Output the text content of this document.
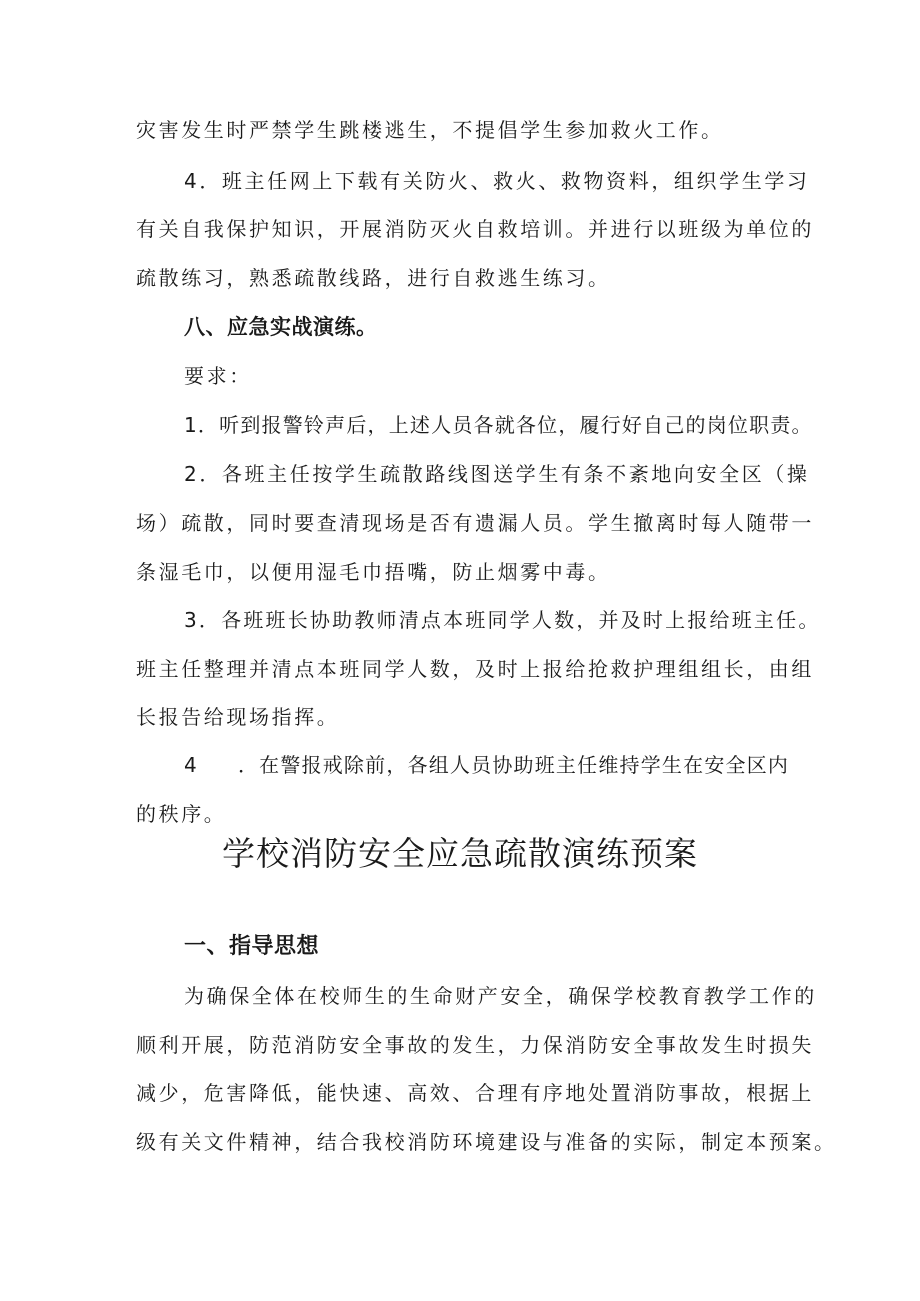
灾害发生时严禁学生跳楼逃生，不提倡学生参加救火工作。
4．班主任网上下载有关防火、救火、救物资料，组织学生学习
有关自我保护知识，开展消防灭火自救培训。并进行以班级为单位的
疏散练习，熟悉疏散线路，进行自救逃生练习。
八、应急实战演练。
要求：
1．听到报警铃声后，上述人员各就各位，履行好自己的岗位职责。
2．各班主任按学生疏散路线图送学生有条不紊地向安全区（操
场）疏散，同时要查清现场是否有遗漏人员。学生撤离时每人随带一
条湿毛巾，以便用湿毛巾捂嘴，防止烟雾中毒。
3．各班班长协助教师清点本班同学人数，并及时上报给班主任。
班主任整理并清点本班同学人数，及时上报给抢救护理组组长，由组
长报告给现场指挥。
4 ．在警报戒除前，各组人员协助班主任维持学生在安全区内
的秩序。
学校消防安全应急疏散演练预案
一、指导思想
为确保全体在校师生的生命财产安全，确保学校教育教学工作的
顺利开展，防范消防安全事故的发生，力保消防安全事故发生时损失
减少，危害降低，能快速、高效、合理有序地处置消防事故，根据上
级有关文件精神，结合我校消防环境建设与准备的实际，制定本预案。
